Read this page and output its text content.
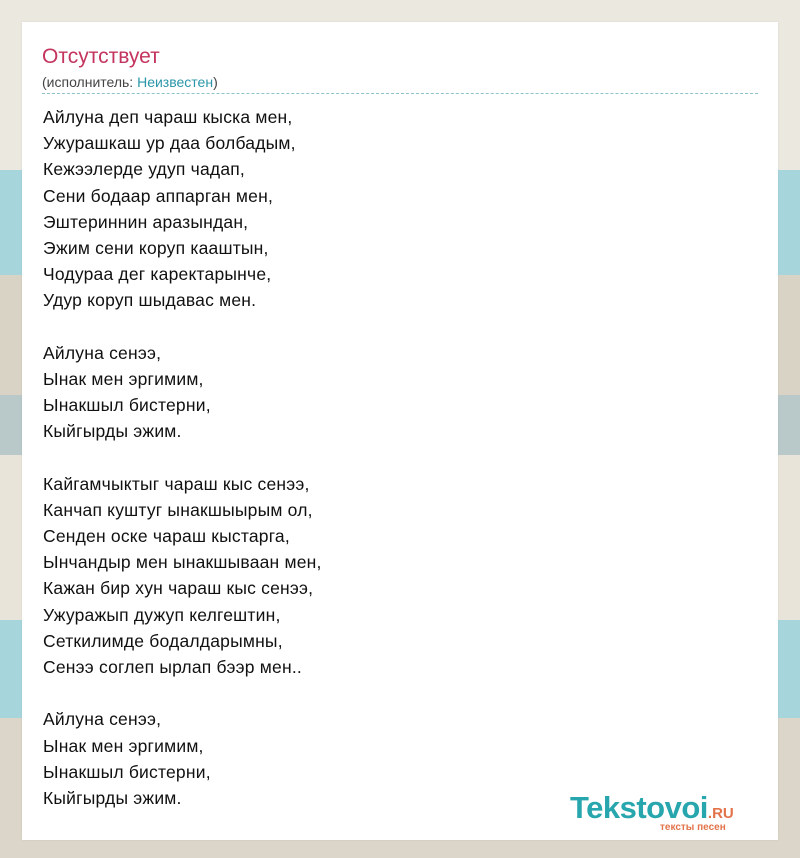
Отсутствует
(исполнитель: Неизвестен)
Айлуна деп чараш кыска мен,
Ужурашкаш ур даа болбадым,
Кежээлерде удуп чадап,
Сени бодаар аппарган мен,
Эштериннин аразындан,
Эжим сени коруп кааштын,
Чодураа дег каректарынче,
Удур коруп шыдавас мен.
Айлуна сенээ,
Ынак мен эргимим,
Ынакшыл бистерни,
Кыйгырды эжим.
Кайгамчыктыг чараш кыс сенээ,
Канчап куштуг ынакшыырым ол,
Сенден оске чараш кыстарга,
Ынчандыр мен ынакшываан мен,
Кажан бир хун чараш кыс сенээ,
Ужуражып дужуп келгештин,
Сеткилимде бодалдарымны,
Сенээ соглеп ырлап бээр мен..
Айлуна сенээ,
Ынак мен эргимим,
Ынакшыл бистерни,
Кыйгырды эжим.	Tekstovoi.RU
тексты песен
